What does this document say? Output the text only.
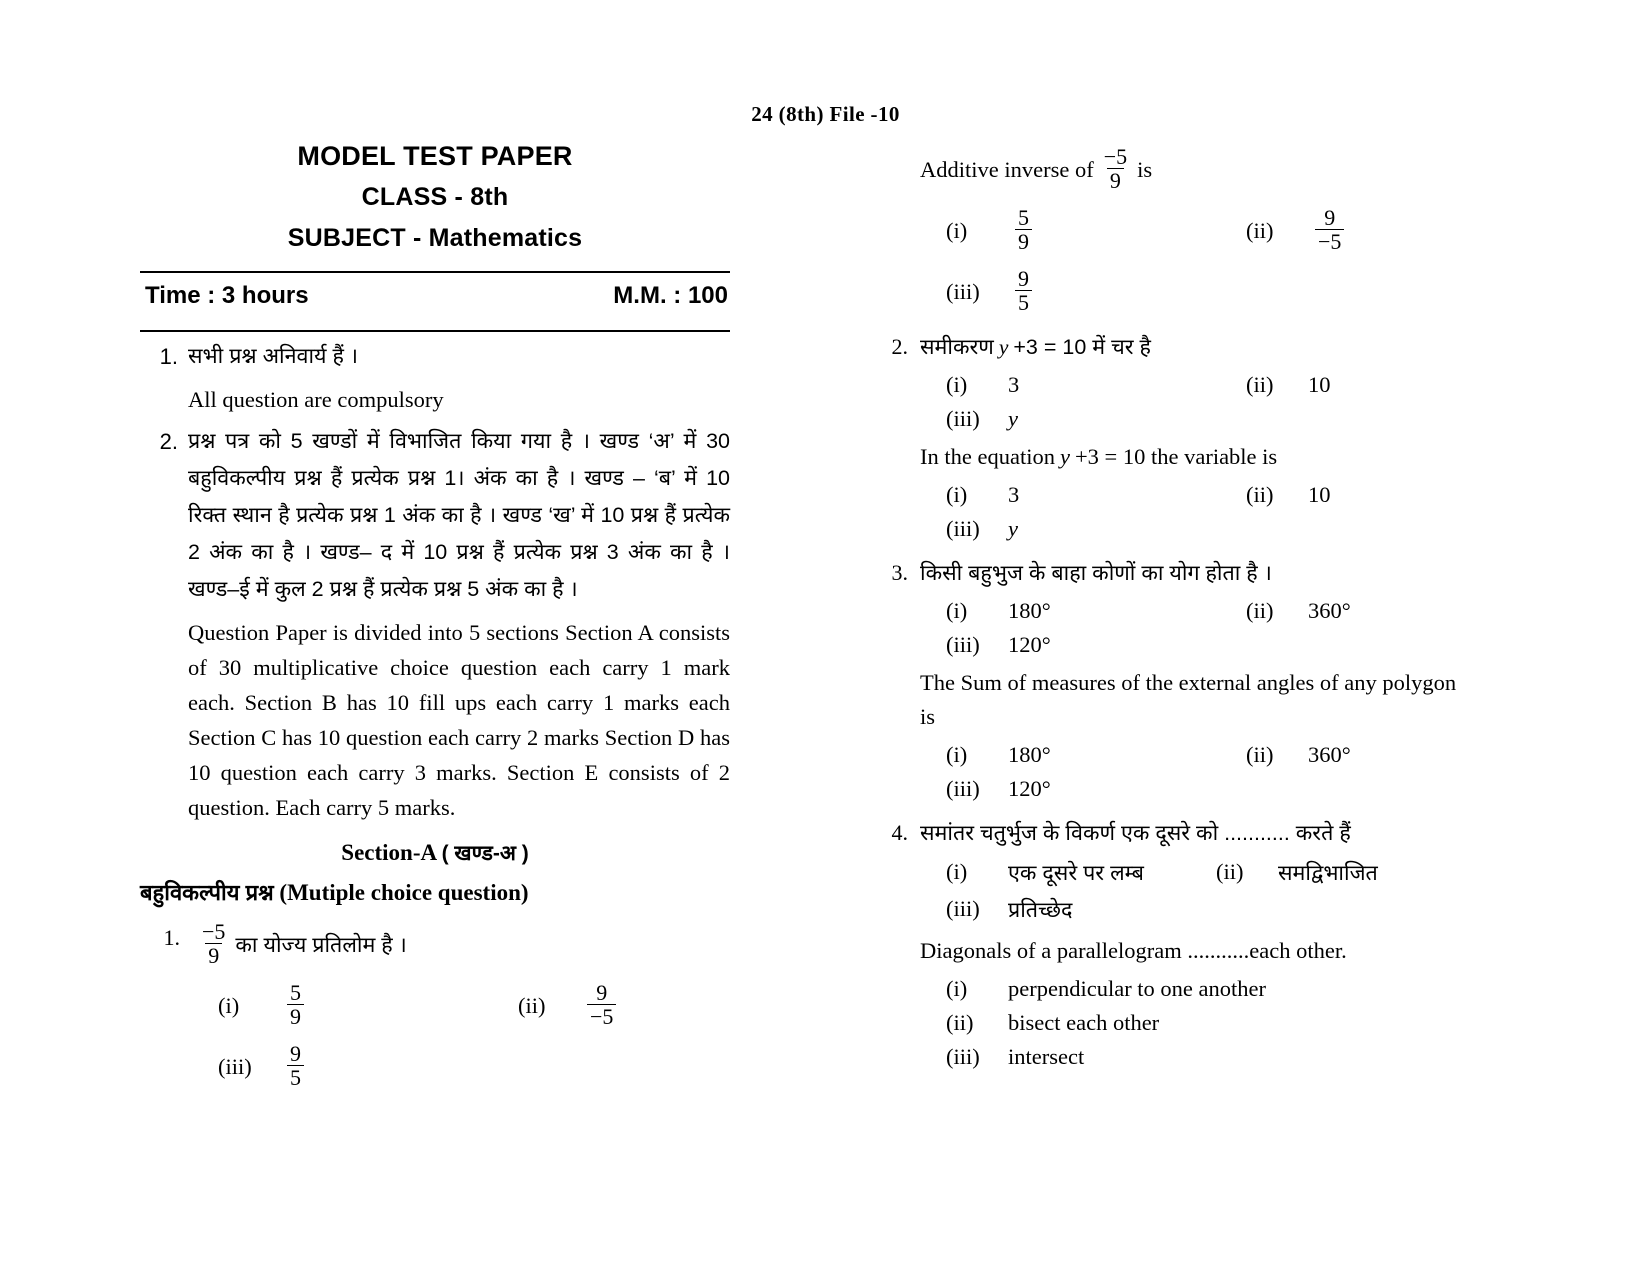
24 (8th) File -10
MODEL TEST PAPER
CLASS - 8th
SUBJECT - Mathematics
Time : 3 hours	M.M. : 100
1. सभी प्रश्न अनिवार्य हैं ।
All question are compulsory
2. प्रश्न पत्र को 5 खण्डों में विभाजित किया गया है । खण्ड ‘अ’ में 30 बहुविकल्पीय प्रश्न हैं प्रत्येक प्रश्न 1। अंक का है । खण्ड – ‘ब’ में 10 रिक्त स्थान है प्रत्येक प्रश्न 1 अंक का है । खण्ड ‘ख’ में 10 प्रश्न हैं प्रत्येक 2 अंक का है । खण्ड– द में 10 प्रश्न हैं प्रत्येक प्रश्न 3 अंक का है । खण्ड–ई में कुल 2 प्रश्न हैं प्रत्येक प्रश्न 5 अंक का है ।
Question Paper is divided into 5 sections Section A consists of 30 multiplicative choice question each carry 1 mark each. Section B has 10 fill ups each carry 1 marks each Section C has 10 question each carry 2 marks Section D has 10 question each carry 3 marks. Section E consists of 2 question. Each carry 5 marks.
Section-A ( खण्ड-अ )
बहुविकल्पीय प्रश्न (Mutiple choice question)
1. $\frac{-5}{9}$ का योज्य प्रतिलोम है ।
(i)	$\frac{5}{9}$	(ii)	$\frac{9}{-5}$
(iii)	$\frac{9}{5}$
Additive inverse of $\frac{-5}{9}$ is
(i)	$\frac{5}{9}$	(ii)	$\frac{9}{-5}$
(iii)	$\frac{9}{5}$
2. समीकरण y +3 = 10 में चर है
(i)	3	(ii)	10
(iii)	y
In the equation y +3 = 10 the variable is
(i)	3	(ii)	10
(iii)	y
3. किसी बहुभुज के बाहा कोणों का योग होता है ।
(i)	180°	(ii)	360°
(iii)	120°
The Sum of measures of the external angles of any polygon is
(i)	180°	(ii)	360°
(iii)	120°
4. समांतर चतुर्भुज के विकर्ण एक दूसरे को ........... करते हैं
(i)	एक दूसरे पर लम्ब	(ii)	समद्विभाजित
(iii)	प्रतिच्छेद
Diagonals of a parallelogram ...........each other.
(i)	perpendicular to one another
(ii)	bisect each other
(iii)	intersect
